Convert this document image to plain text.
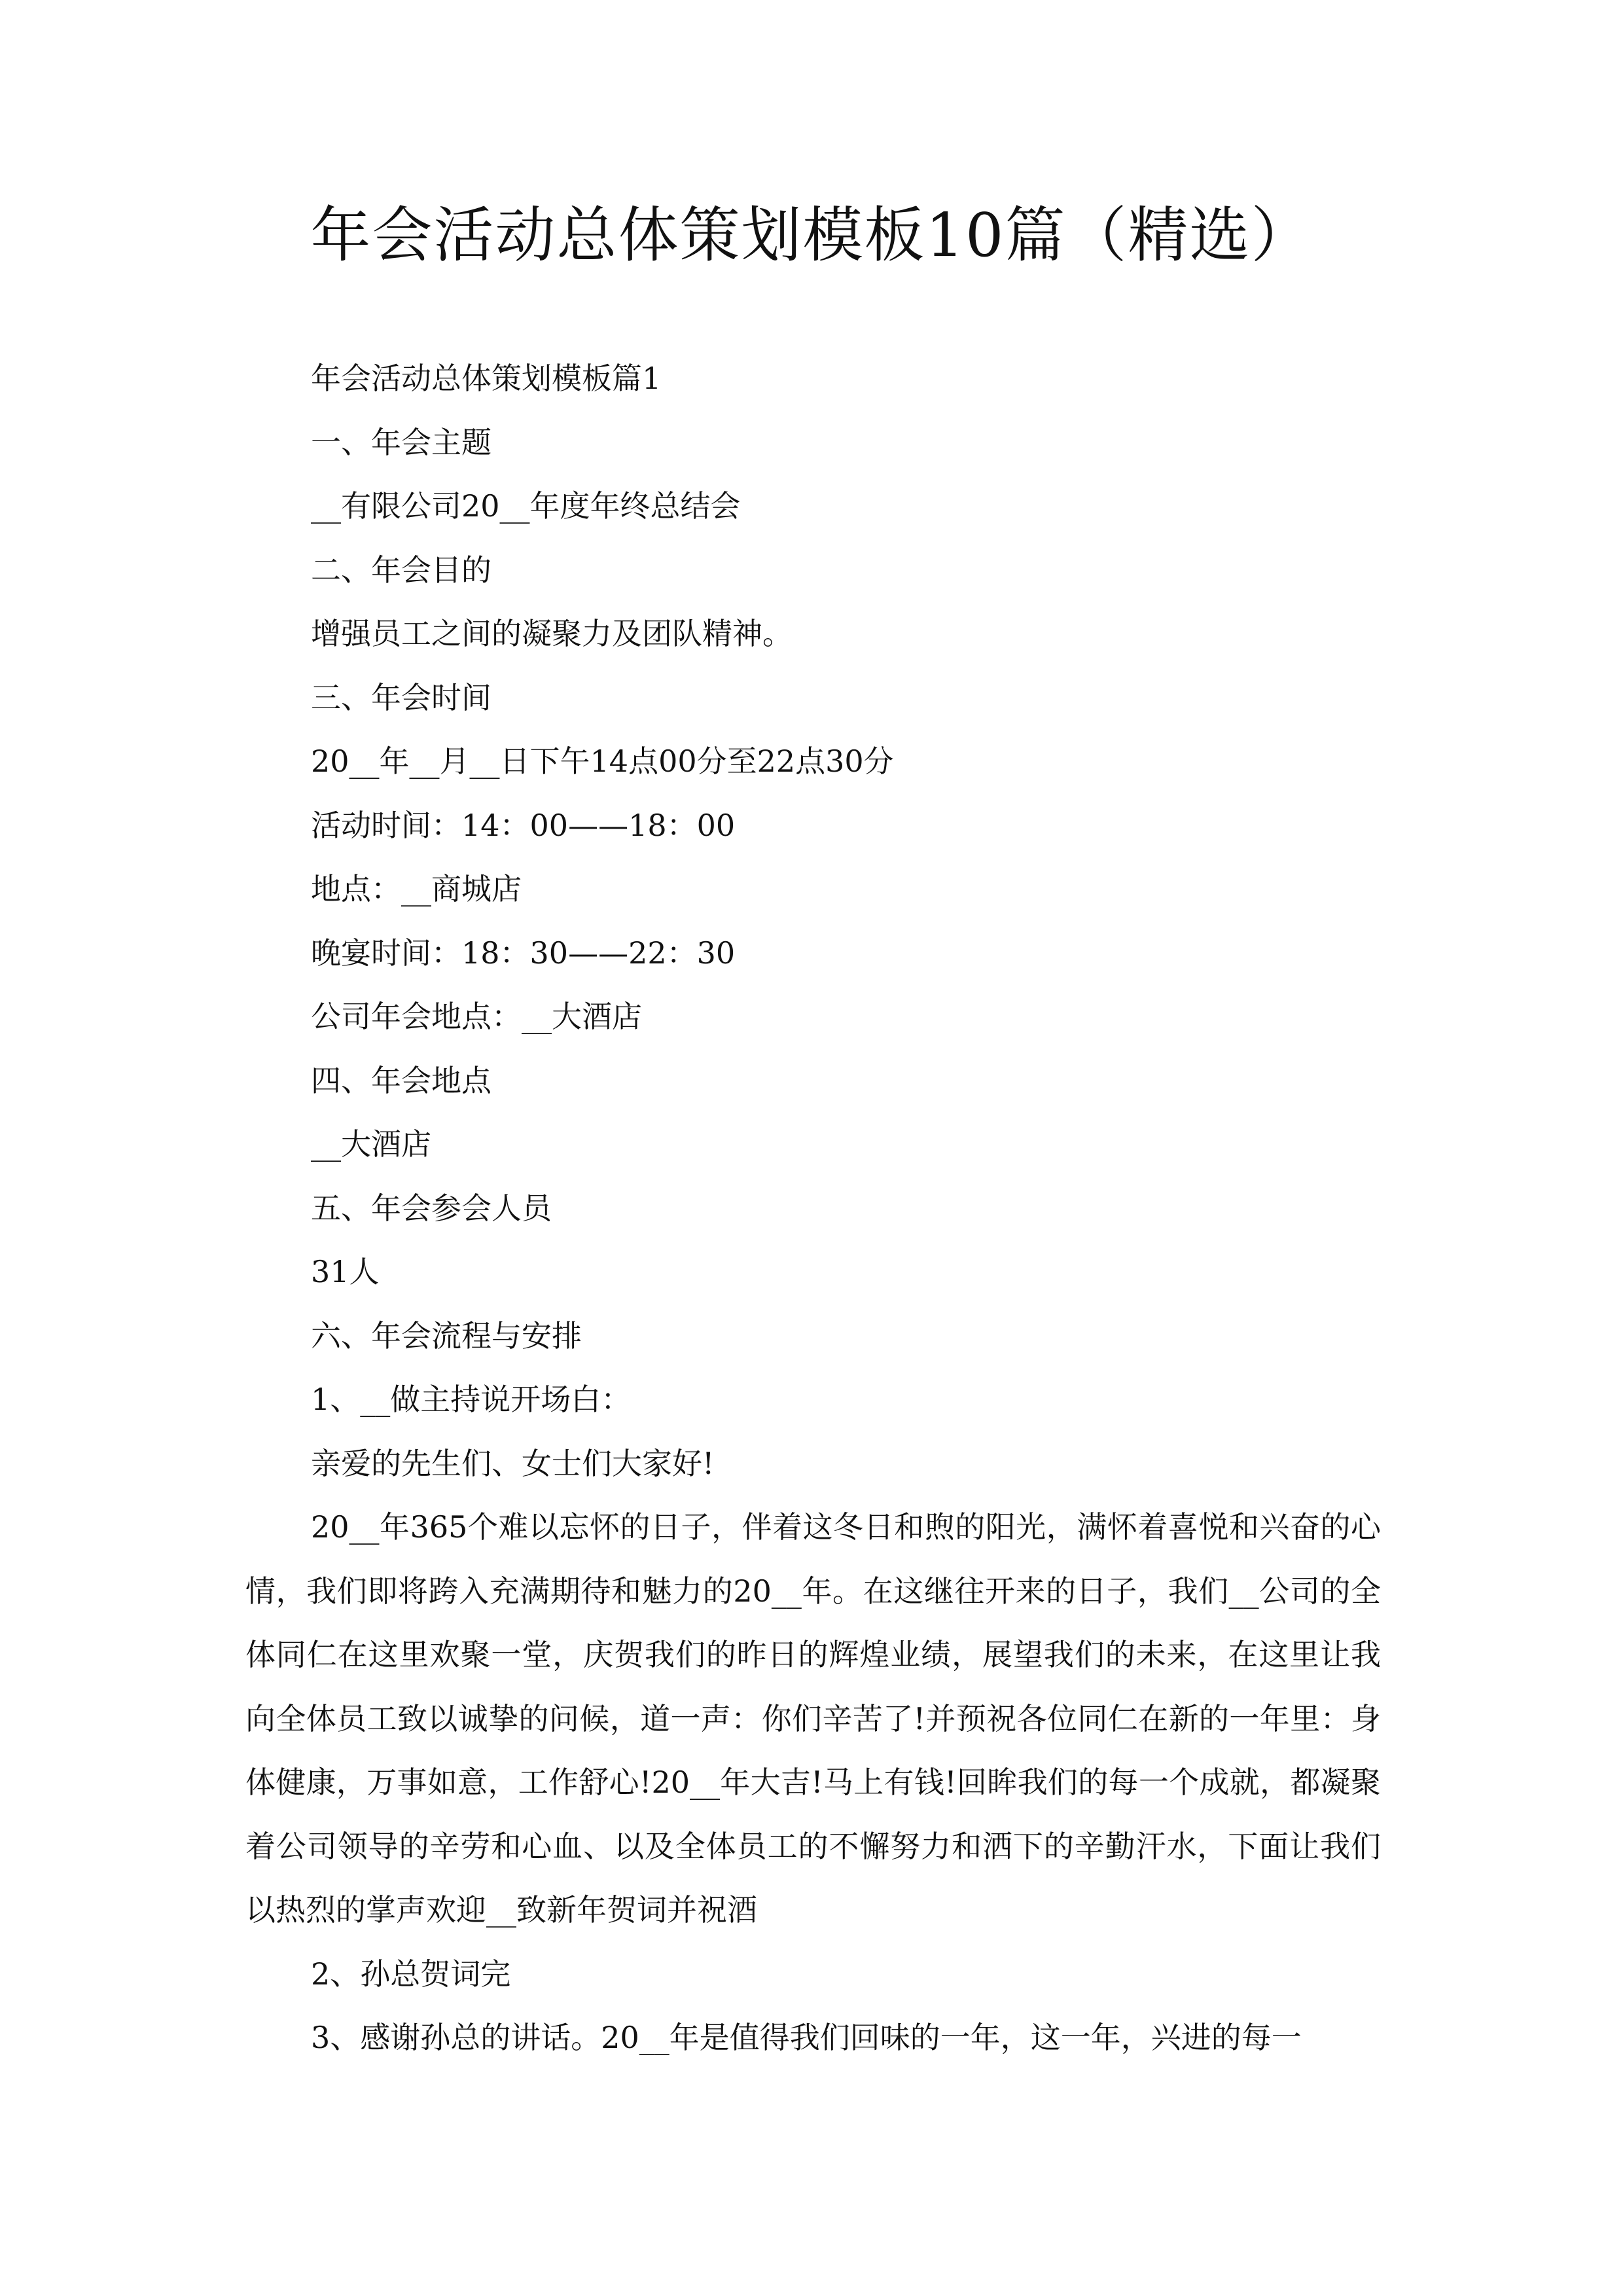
年会活动总体策划模板10篇（精选）

年会活动总体策划模板篇1

一、年会主题

__有限公司20__年度年终总结会

二、年会目的

增强员工之间的凝聚力及团队精神。

三、年会时间

20__年__月__日下午14点00分至22点30分

活动时间：14：00——18：00

地点：__商城店

晚宴时间：18：30——22：30

公司年会地点：__大酒店

四、年会地点

__大酒店

五、年会参会人员

31人

六、年会流程与安排

1、__做主持说开场白：

亲爱的先生们、女士们大家好!

20__年365个难以忘怀的日子，伴着这冬日和煦的阳光，满怀着喜悦和兴奋的心情，我们即将跨入充满期待和魅力的20__年。在这继往开来的日子，我们__公司的全体同仁在这里欢聚一堂，庆贺我们的昨日的辉煌业绩，展望我们的未来，在这里让我向全体员工致以诚挚的问候，道一声：你们辛苦了!并预祝各位同仁在新的一年里：身体健康，万事如意，工作舒心!20__年大吉!马上有钱!回眸我们的每一个成就，都凝聚着公司领导的辛劳和心血、以及全体员工的不懈努力和洒下的辛勤汗水，下面让我们以热烈的掌声欢迎__致新年贺词并祝酒

2、孙总贺词完

3、感谢孙总的讲话。20__年是值得我们回味的一年，这一年，兴进的每一
